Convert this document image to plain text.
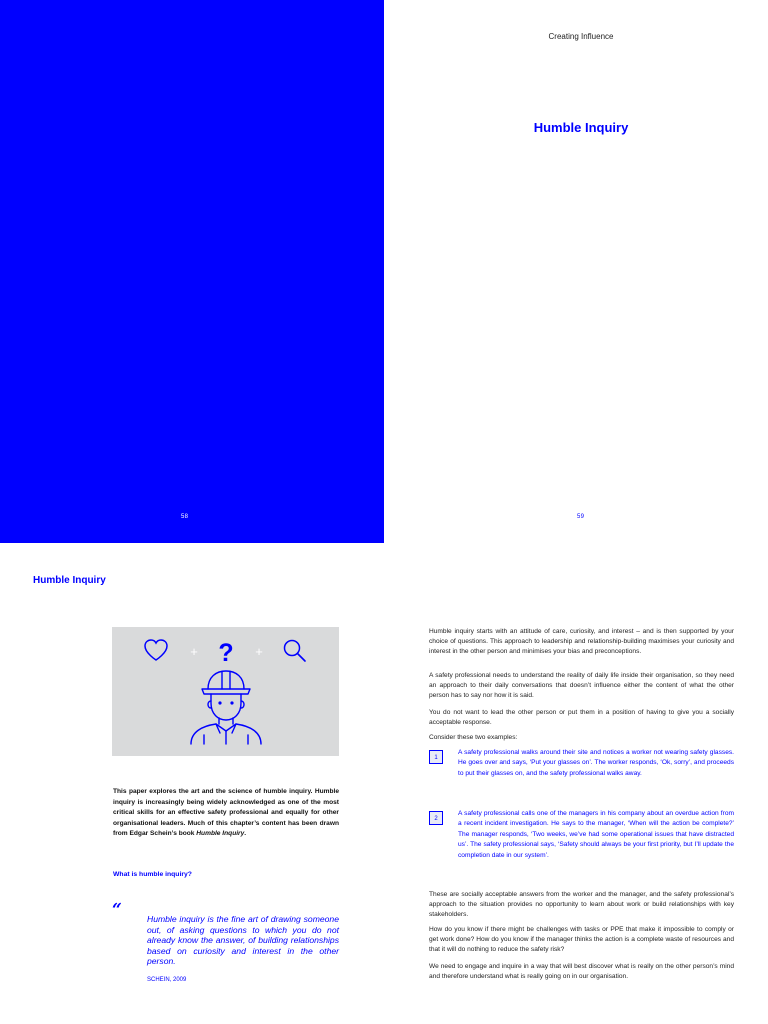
58	59
Creating Influence
Humble Inquiry
Humble Inquiry
+ ? +
This paper explores the art and the science of humble inquiry. Humble inquiry is increasingly being widely acknowledged as one of the most critical skills for an effective safety professional and equally for other organisational leaders. Much of this chapter’s content has been drawn from Edgar Schein’s book Humble Inquiry.
What is humble inquiry?
“	Humble inquiry is the fine art of drawing someone out, of asking questions to which you do not already know the answer, of building relationships based on curiosity and interest in the other person.
SCHEIN, 2009

Humble inquiry starts with an attitude of care, curiosity, and interest – and is then supported by your choice of questions. This approach to leadership and relationship-building maximises your curiosity and interest in the other person and minimises your bias and preconceptions.

A safety professional needs to understand the reality of daily life inside their organisation, so they need an approach to their daily conversations that doesn’t influence either the content of what the other person has to say nor how it is said.

You do not want to lead the other person or put them in a position of having to give you a socially acceptable response.

Consider these two examples:

1

A safety professional walks around their site and notices a worker not wearing safety glasses. He goes over and says, ‘Put your glasses on’. The worker responds, ‘Ok, sorry’, and proceeds to put their glasses on, and the safety professional walks away.

2

A safety professional calls one of the managers in his company about an overdue action from a recent incident investigation. He says to the manager, ‘When will the action be complete?’ The manager responds, ‘Two weeks, we’ve had some operational issues that have distracted us’. The safety professional says, ‘Safety should always be your first priority, but I’ll update the completion date in our system’.

These are socially acceptable answers from the worker and the manager, and the safety professional’s approach to the situation provides no opportunity to learn about work or build relationships with key stakeholders.

How do you know if there might be challenges with tasks or PPE that make it impossible to comply or get work done? How do you know if the manager thinks the action is a complete waste of resources and that it will do nothing to reduce the safety risk?

We need to engage and inquire in a way that will best discover what is really on the other person’s mind and therefore understand what is really going on in our organisation.
